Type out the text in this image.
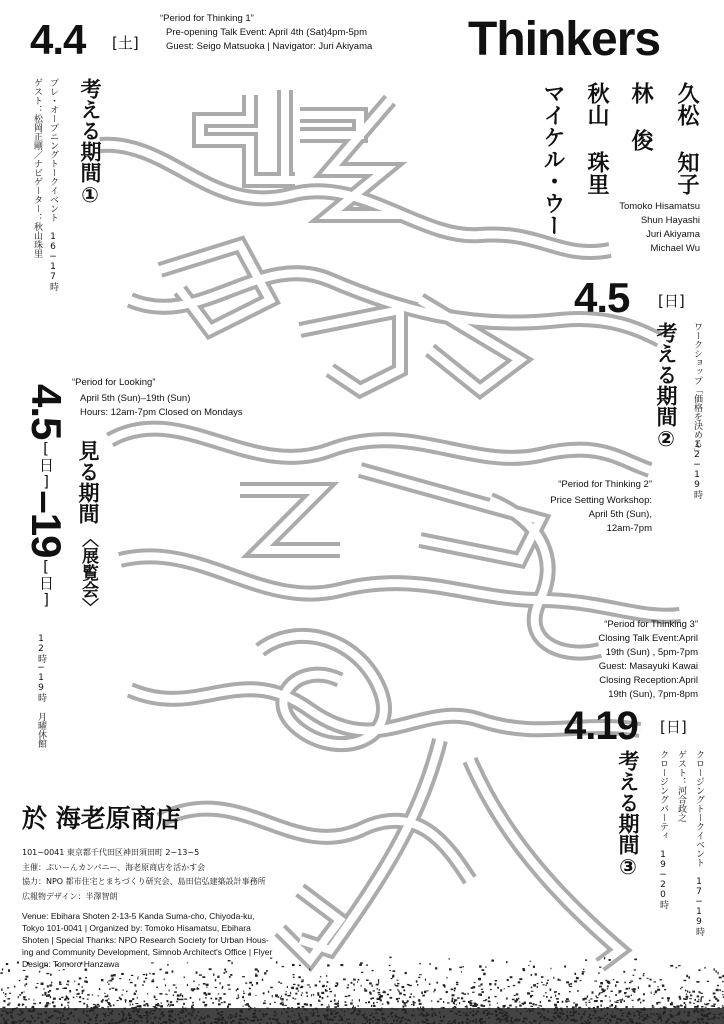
4.4 [土]
“Period for Thinking 1”
Pre-opening Talk Event: April 4th (Sat)4pm-5pm
Guest: Seigo Matsuoka | Navigator: Juri Akiyama
考える期間①
プレ・オープニングトークイベント 16−17時
ゲスト：松岡正剛／ナビゲーター：秋山珠里
Thinkers
久松 知子
林 俊
秋山 珠里
マイケル・ウー	Tomoko Hisamatsu
Shun Hayashi
Juri Akiyama
Michael Wu
4.5 [日]
考える期間② ワークショップ「価格を決める」
12−19時
“Period for Thinking 2”
Price Setting Workshop:
April 5th (Sun),
12am-7pm
“Period for Looking”
April 5th (Sun)–19th (Sun)
Hours: 12am-7pm Closed on Mondays
4.5[日]–19[日]
見る期間
〈展覧会〉
12時−19時 月曜休館
“Period for Thinking 3”
Closing Talk Event:April
19th (Sun) , 5pm-7pm
Guest: Masayuki Kawai
Closing Reception:April
19th (Sun), 7pm-8pm
4.19 [日]
考える期間③	クロージングトークイベント 17−19時
ゲスト：河合政之
クロージングパーティ 19−20時
於 海老原商店
101−0041 東京都千代田区神田須田町 2−13−5
主催：ぷいーんカンパニー、海老原商店を活かす会
協力：NPO 都市住宅とまちづくり研究会、島田信弘建築設計事務所
広報物デザイン：半澤智朗
Venue: Ebihara Shoten 2-13-5 Kanda Suma-cho, Chiyoda-ku,
Tokyo 101-0041 | Organized by: Tomoko Hisamatsu, Ebihara
Shoten | Special Thanks: NPO Research Society for Urban Hous-
ing and Community Development, Simnob Architect's Office | Flyer
Design: Tomoro Hanzawa
